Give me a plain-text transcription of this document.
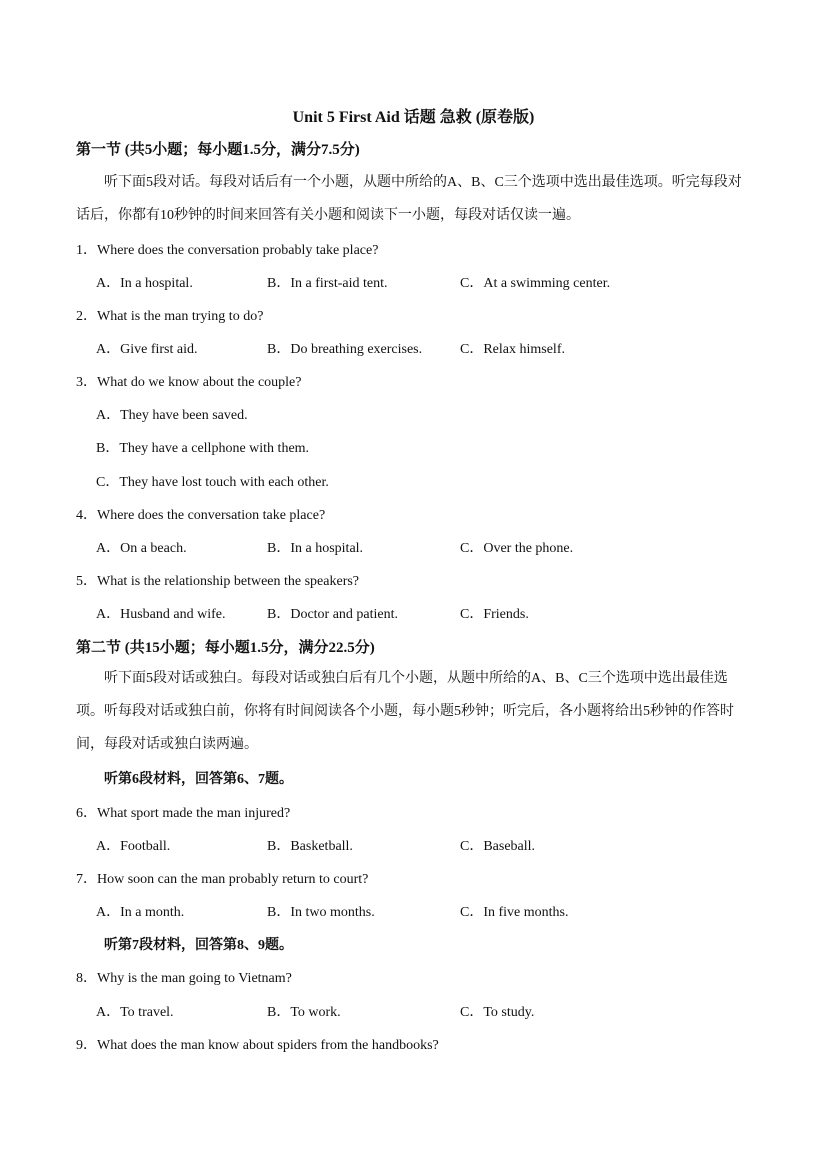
Unit 5 First Aid 话题 急救 (原卷版)
第一节 (共5小题；每小题1.5分，满分7.5分)

听下面5段对话。每段对话后有一个小题，从题中所给的A、B、C三个选项中选出最佳选项。听完每段对话后，你都有10秒钟的时间来回答有关小题和阅读下一小题，每段对话仅读一遍。

1．Where does the conversation probably take place?
A．In a hospital.	B．In a first-aid tent.	C．At a swimming center.
2．What is the man trying to do?
A．Give first aid.	B．Do breathing exercises.	C．Relax himself.
3．What do we know about the couple?
A．They have been saved.
B．They have a cellphone with them.
C．They have lost touch with each other.
4．Where does the conversation take place?
A．On a beach.	B．In a hospital.	C．Over the phone.
5．What is the relationship between the speakers?
A．Husband and wife.	B．Doctor and patient.	C．Friends.
第二节 (共15小题；每小题1.5分，满分22.5分)

听下面5段对话或独白。每段对话或独白后有几个小题，从题中所给的A、B、C三个选项中选出最佳选项。听每段对话或独白前，你将有时间阅读各个小题，每小题5秒钟；听完后，各小题将给出5秒钟的作答时间，每段对话或独白读两遍。

听第6段材料，回答第6、7题。
6．What sport made the man injured?
A．Football.	B．Basketball.	C．Baseball.
7．How soon can the man probably return to court?
A．In a month.	B．In two months.	C．In five months.
听第7段材料，回答第8、9题。
8．Why is the man going to Vietnam?
A．To travel.	B．To work.	C．To study.
9．What does the man know about spiders from the handbooks?
